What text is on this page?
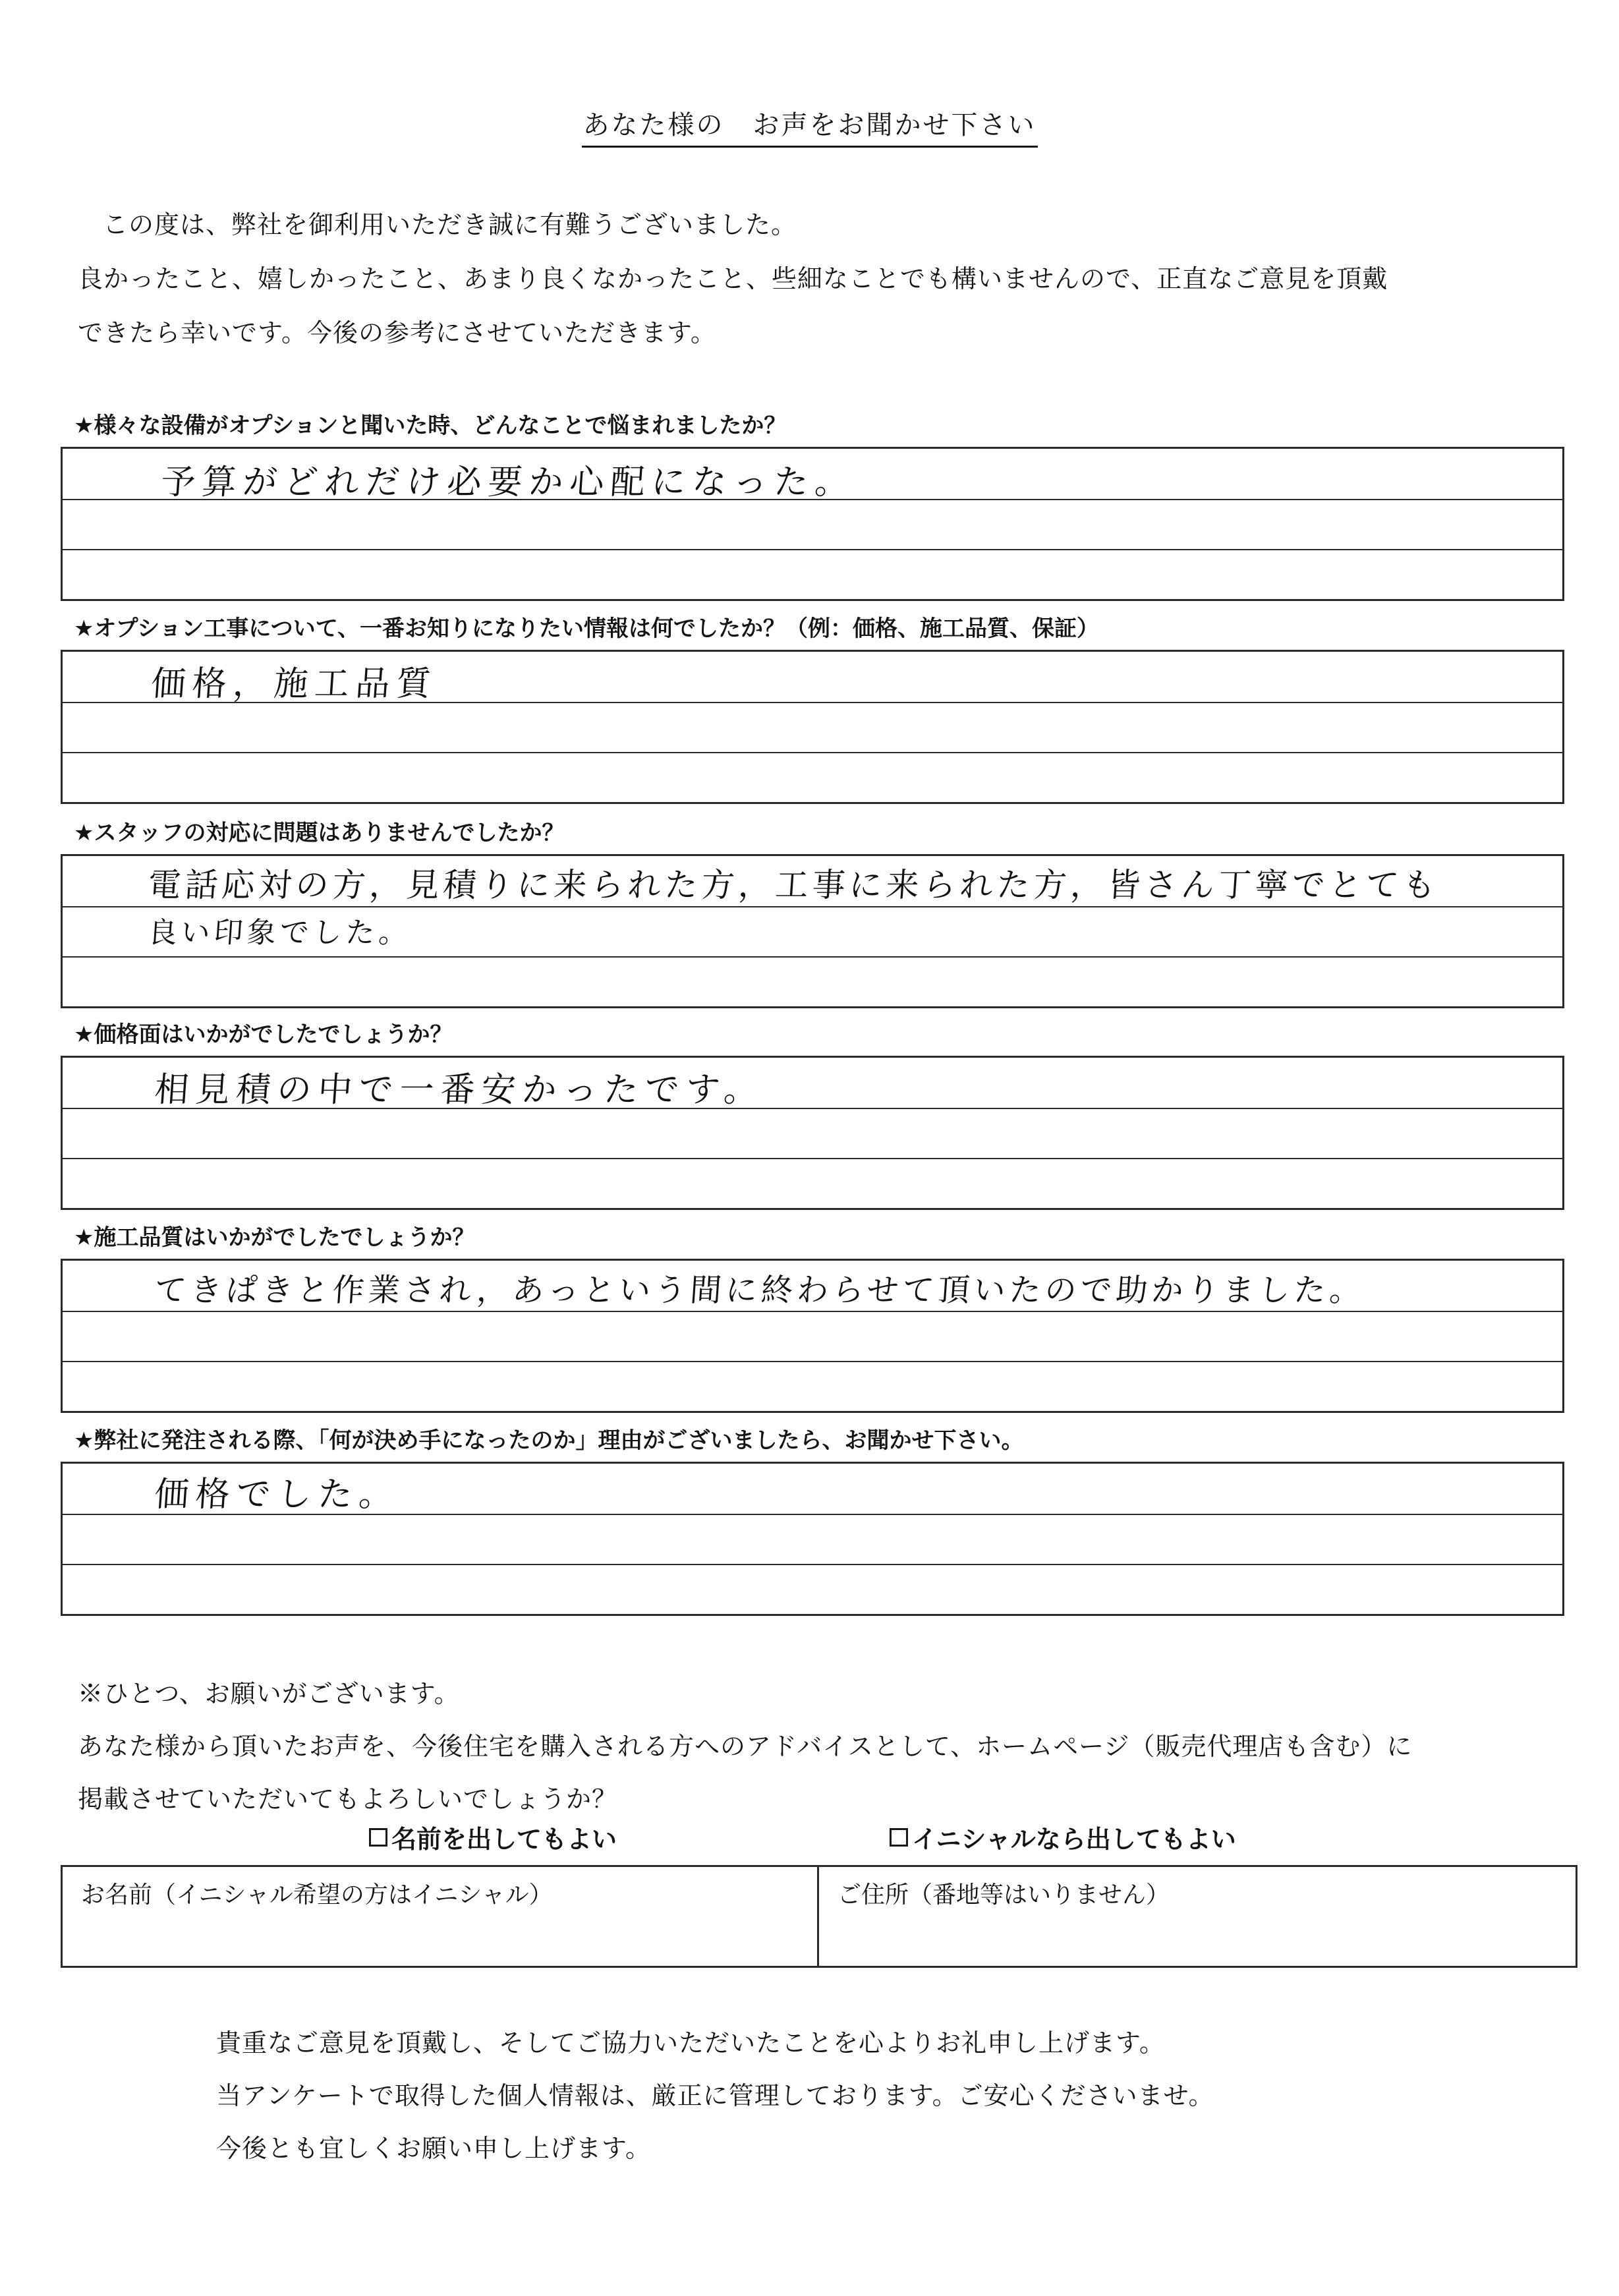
あなた様の　お声をお聞かせ下さい

この度は、弊社を御利用いただき誠に有難うございました。

良かったこと、嬉しかったこと、あまり良くなかったこと、些細なことでも構いませんので、正直なご意見を頂戴

できたら幸いです。今後の参考にさせていただきます。

★様々な設備がオプションと聞いた時、どんなことで悩まれましたか？
予算がどれだけ必要か心配になった。
★オプション工事について、一番お知りになりたい情報は何でしたか？（例：価格、施工品質、保証）
価格，施工品質
★スタッフの対応に問題はありませんでしたか？
電話応対の方，見積りに来られた方，工事に来られた方，皆さん丁寧でとても
良い印象でした。
★価格面はいかがでしたでしょうか？
相見積の中で一番安かったです。
★施工品質はいかがでしたでしょうか？
てきぱきと作業され，あっという間に終わらせて頂いたので助かりました。
★弊社に発注される際、「何が決め手になったのか」理由がございましたら、お聞かせ下さい。
価格でした。

※ひとつ、お願いがございます。

あなた様から頂いたお声を、今後住宅を購入される方へのアドバイスとして、ホームページ（販売代理店も含む）に

掲載させていただいてもよろしいでしょうか？

名前を出してもよい	イニシャルなら出してもよい
お名前（イニシャル希望の方はイニシャル）	ご住所（番地等はいりません）

貴重なご意見を頂戴し、そしてご協力いただいたことを心よりお礼申し上げます。

当アンケートで取得した個人情報は、厳正に管理しております。ご安心くださいませ。

今後とも宜しくお願い申し上げます。
